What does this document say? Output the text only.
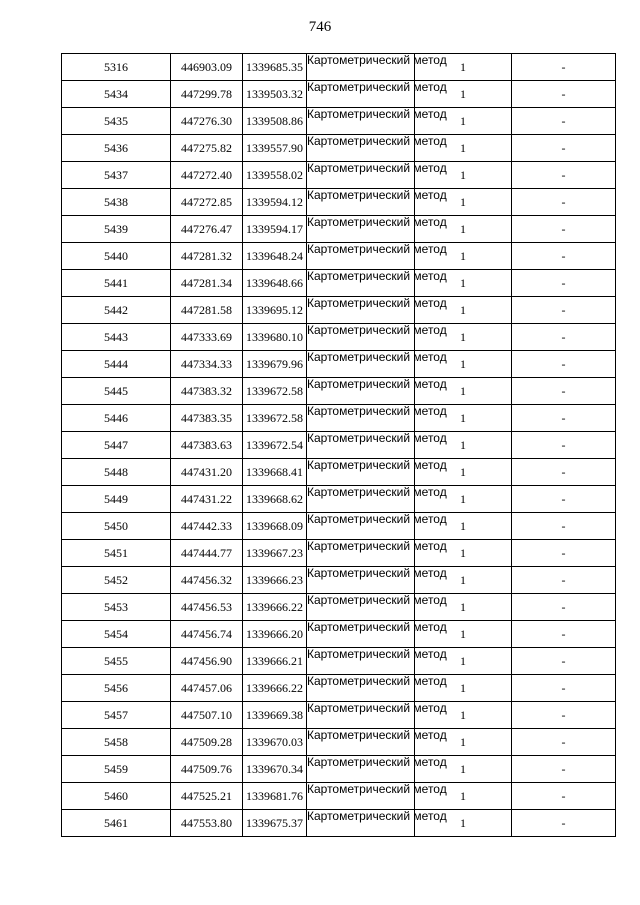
746
5316	446903.09	1339685.35	Картометрический метод	1	-
5434	447299.78	1339503.32	Картометрический метод	1	-
5435	447276.30	1339508.86	Картометрический метод	1	-
5436	447275.82	1339557.90	Картометрический метод	1	-
5437	447272.40	1339558.02	Картометрический метод	1	-
5438	447272.85	1339594.12	Картометрический метод	1	-
5439	447276.47	1339594.17	Картометрический метод	1	-
5440	447281.32	1339648.24	Картометрический метод	1	-
5441	447281.34	1339648.66	Картометрический метод	1	-
5442	447281.58	1339695.12	Картометрический метод	1	-
5443	447333.69	1339680.10	Картометрический метод	1	-
5444	447334.33	1339679.96	Картометрический метод	1	-
5445	447383.32	1339672.58	Картометрический метод	1	-
5446	447383.35	1339672.58	Картометрический метод	1	-
5447	447383.63	1339672.54	Картометрический метод	1	-
5448	447431.20	1339668.41	Картометрический метод	1	-
5449	447431.22	1339668.62	Картометрический метод	1	-
5450	447442.33	1339668.09	Картометрический метод	1	-
5451	447444.77	1339667.23	Картометрический метод	1	-
5452	447456.32	1339666.23	Картометрический метод	1	-
5453	447456.53	1339666.22	Картометрический метод	1	-
5454	447456.74	1339666.20	Картометрический метод	1	-
5455	447456.90	1339666.21	Картометрический метод	1	-
5456	447457.06	1339666.22	Картометрический метод	1	-
5457	447507.10	1339669.38	Картометрический метод	1	-
5458	447509.28	1339670.03	Картометрический метод	1	-
5459	447509.76	1339670.34	Картометрический метод	1	-
5460	447525.21	1339681.76	Картометрический метод	1	-
5461	447553.80	1339675.37	Картометрический метод	1	-
